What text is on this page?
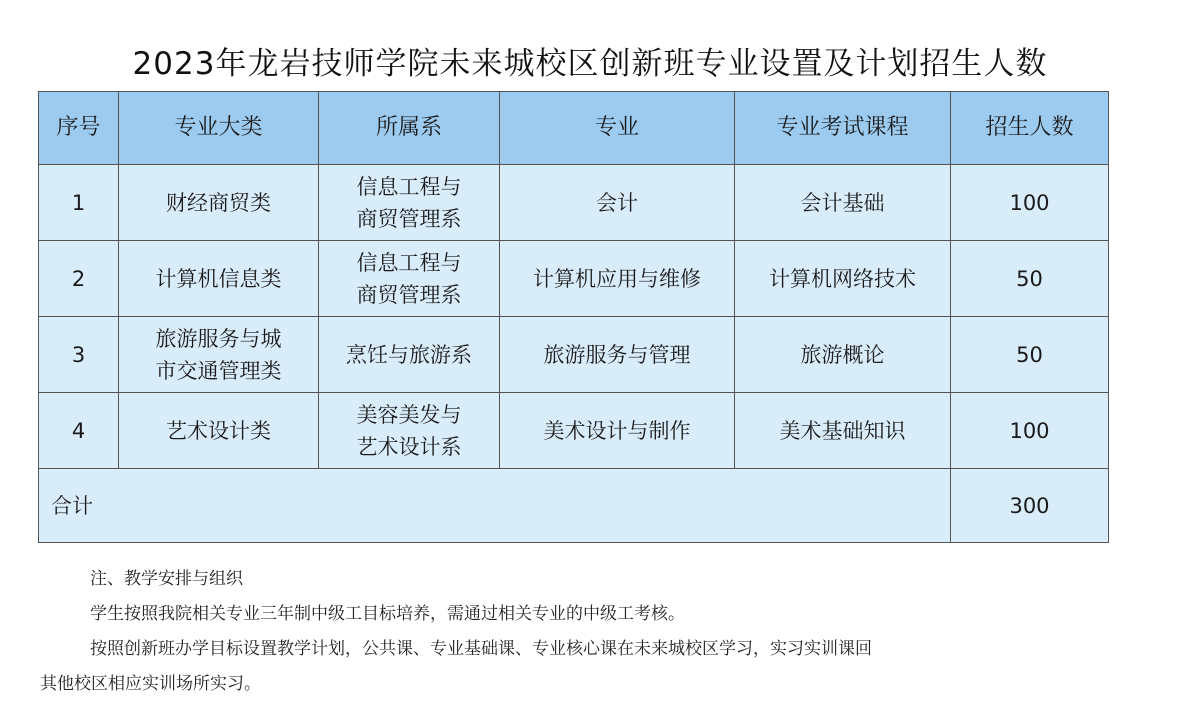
2023年龙岩技师学院未来城校区创新班专业设置及计划招生人数
序号	专业大类	所属系	专业	专业考试课程	招生人数
1	财经商贸类	信息工程与
商贸管理系	会计	会计基础	100
2	计算机信息类	信息工程与
商贸管理系	计算机应用与维修	计算机网络技术	50
3	旅游服务与城
市交通管理类	烹饪与旅游系	旅游服务与管理	旅游概论	50
4	艺术设计类	美容美发与
艺术设计系	美术设计与制作	美术基础知识	100
合计					300
注、教学安排与组织
学生按照我院相关专业三年制中级工目标培养，需通过相关专业的中级工考核。
按照创新班办学目标设置教学计划，公共课、专业基础课、专业核心课在未来城校区学习，实习实训课回
其他校区相应实训场所实习。
